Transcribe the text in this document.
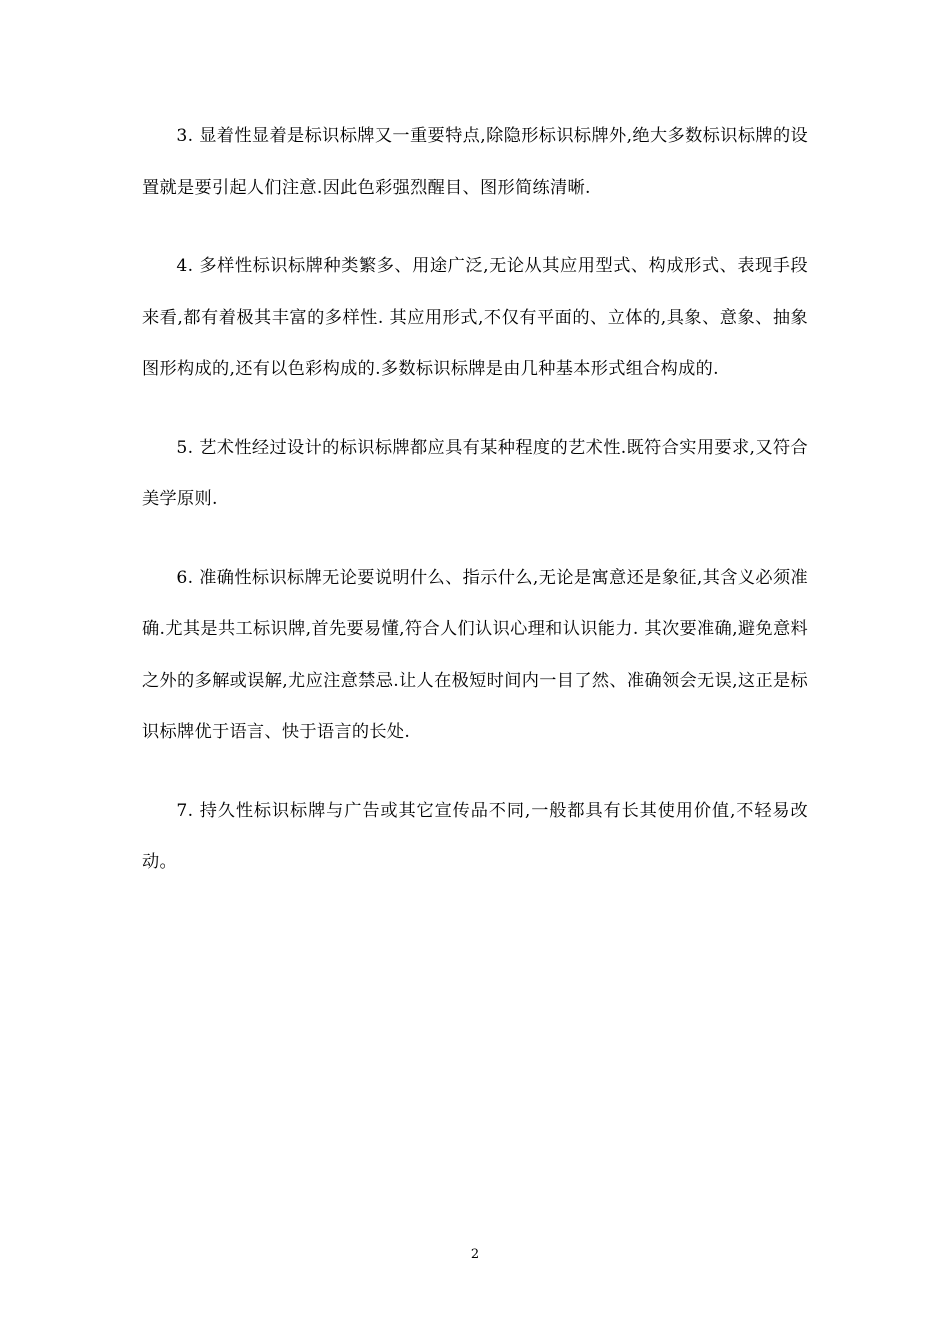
3. 显着性显着是标识标牌又一重要特点,除隐形标识标牌外,绝大多数标识标牌的设置就是要引起人们注意.因此色彩强烈醒目、图形简练清晰.

4. 多样性标识标牌种类繁多、用途广泛,无论从其应用型式、构成形式、表现手段来看,都有着极其丰富的多样性. 其应用形式,不仅有平面的、立体的,具象、意象、抽象图形构成的,还有以色彩构成的.多数标识标牌是由几种基本形式组合构成的.

5. 艺术性经过设计的标识标牌都应具有某种程度的艺术性.既符合实用要求,又符合美学原则.

6. 准确性标识标牌无论要说明什么、指示什么,无论是寓意还是象征,其含义必须准确.尤其是共工标识牌,首先要易懂,符合人们认识心理和认识能力. 其次要准确,避免意料之外的多解或误解,尤应注意禁忌.让人在极短时间内一目了然、准确领会无误,这正是标识标牌优于语言、快于语言的长处.

7. 持久性标识标牌与广告或其它宣传品不同,一般都具有长其使用价值,不轻易改动。

2
